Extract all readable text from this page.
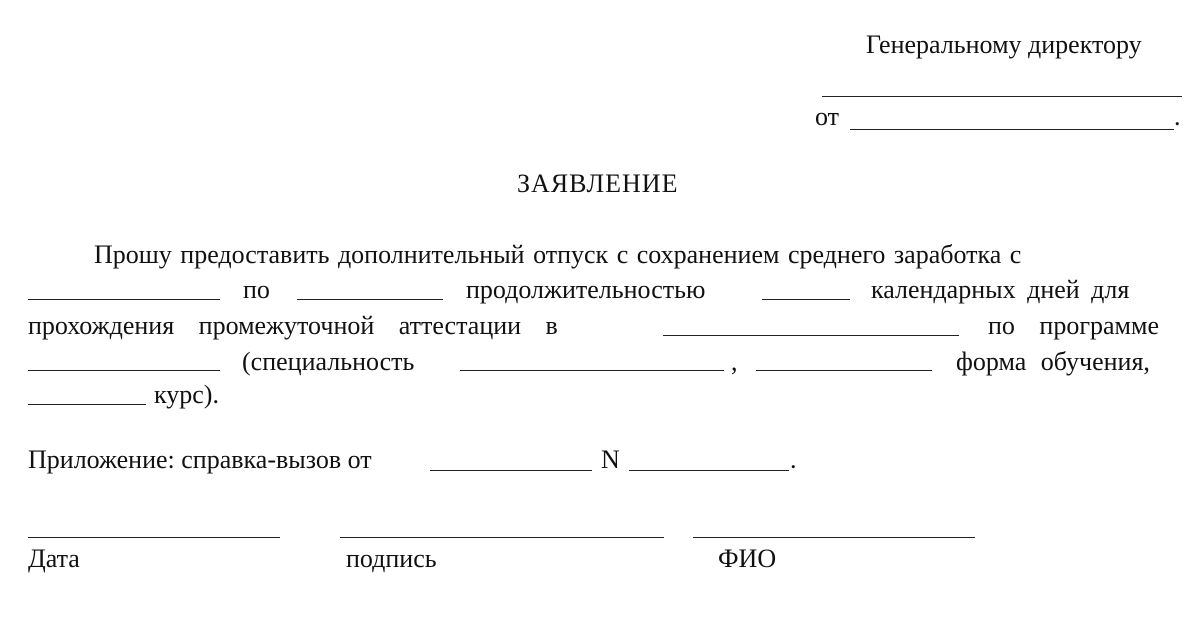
Генеральному директору
от	.
ЗАЯВЛЕНИЕ
Прошу предоставить дополнительный отпуск с сохранением среднего заработка с
по	продолжительностью	календарных дней для
прохождения промежуточной аттестации в	по программе
(специальность	,	форма обучения,
курс).
Приложение: справка-вызов от	N	.
Дата	подпись	ФИО
